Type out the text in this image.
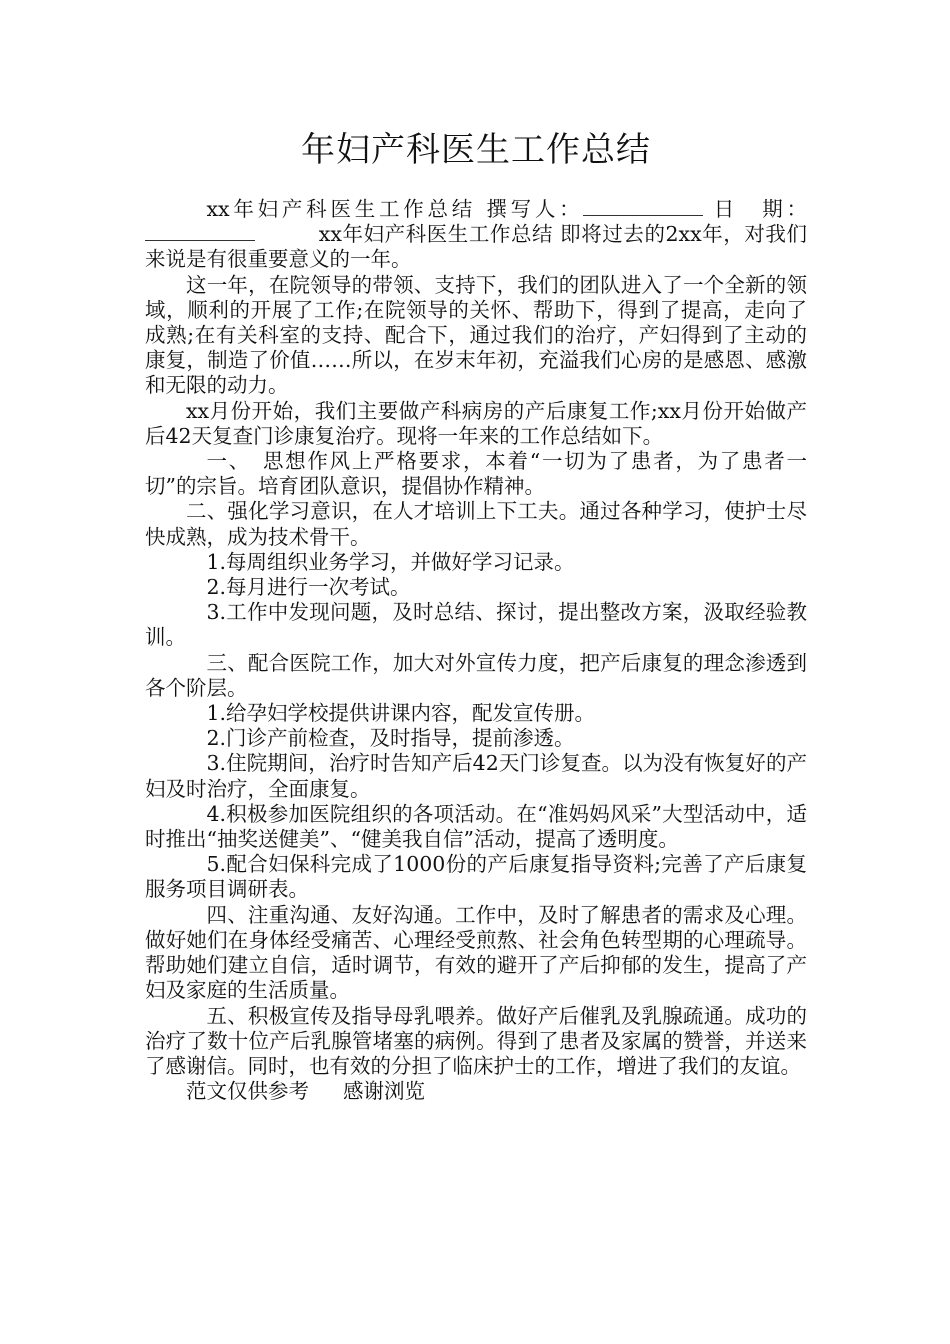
年妇产科医生工作总结

xx年妇产科医生工作总结 撰写人：	日　期：　　　xx年妇产科医生工作总结 即将过去的2xx年，对我们来说是有很重要意义的一年。

这一年，在院领导的带领、支持下，我们的团队进入了一个全新的领域，顺利的开展了工作;在院领导的关怀、帮助下，得到了提高，走向了成熟;在有关科室的支持、配合下，通过我们的治疗，产妇得到了主动的康复，制造了价值……所以，在岁末年初，充溢我们心房的是感恩、感激和无限的动力。

xx月份开始，我们主要做产科病房的产后康复工作;xx月份开始做产后42天复查门诊康复治疗。现将一年来的工作总结如下。

一、　思想作风上严格要求，本着“一切为了患者，为了患者一切”的宗旨。培育团队意识，提倡协作精神。

二、强化学习意识，在人才培训上下工夫。通过各种学习，使护士尽快成熟，成为技术骨干。

1.每周组织业务学习，并做好学习记录。

2.每月进行一次考试。

3.工作中发现问题，及时总结、探讨，提出整改方案，汲取经验教训。

三、配合医院工作，加大对外宣传力度，把产后康复的理念渗透到各个阶层。

1.给孕妇学校提供讲课内容，配发宣传册。

2.门诊产前检查，及时指导，提前渗透。

3.住院期间，治疗时告知产后42天门诊复查。以为没有恢复好的产妇及时治疗，全面康复。

4.积极参加医院组织的各项活动。在“准妈妈风采”大型活动中，适时推出“抽奖送健美”、“健美我自信”活动，提高了透明度。

5.配合妇保科完成了1000份的产后康复指导资料;完善了产后康复服务项目调研表。

四、注重沟通、友好沟通。工作中，及时了解患者的需求及心理。做好她们在身体经受痛苦、心理经受煎熬、社会角色转型期的心理疏导。帮助她们建立自信，适时调节，有效的避开了产后抑郁的发生，提高了产妇及家庭的生活质量。

五、积极宣传及指导母乳喂养。做好产后催乳及乳腺疏通。成功的治疗了数十位产后乳腺管堵塞的病例。得到了患者及家属的赞誉，并送来了感谢信。同时，也有效的分担了临床护士的工作，增进了我们的友谊。

范文仅供参考 感谢浏览
